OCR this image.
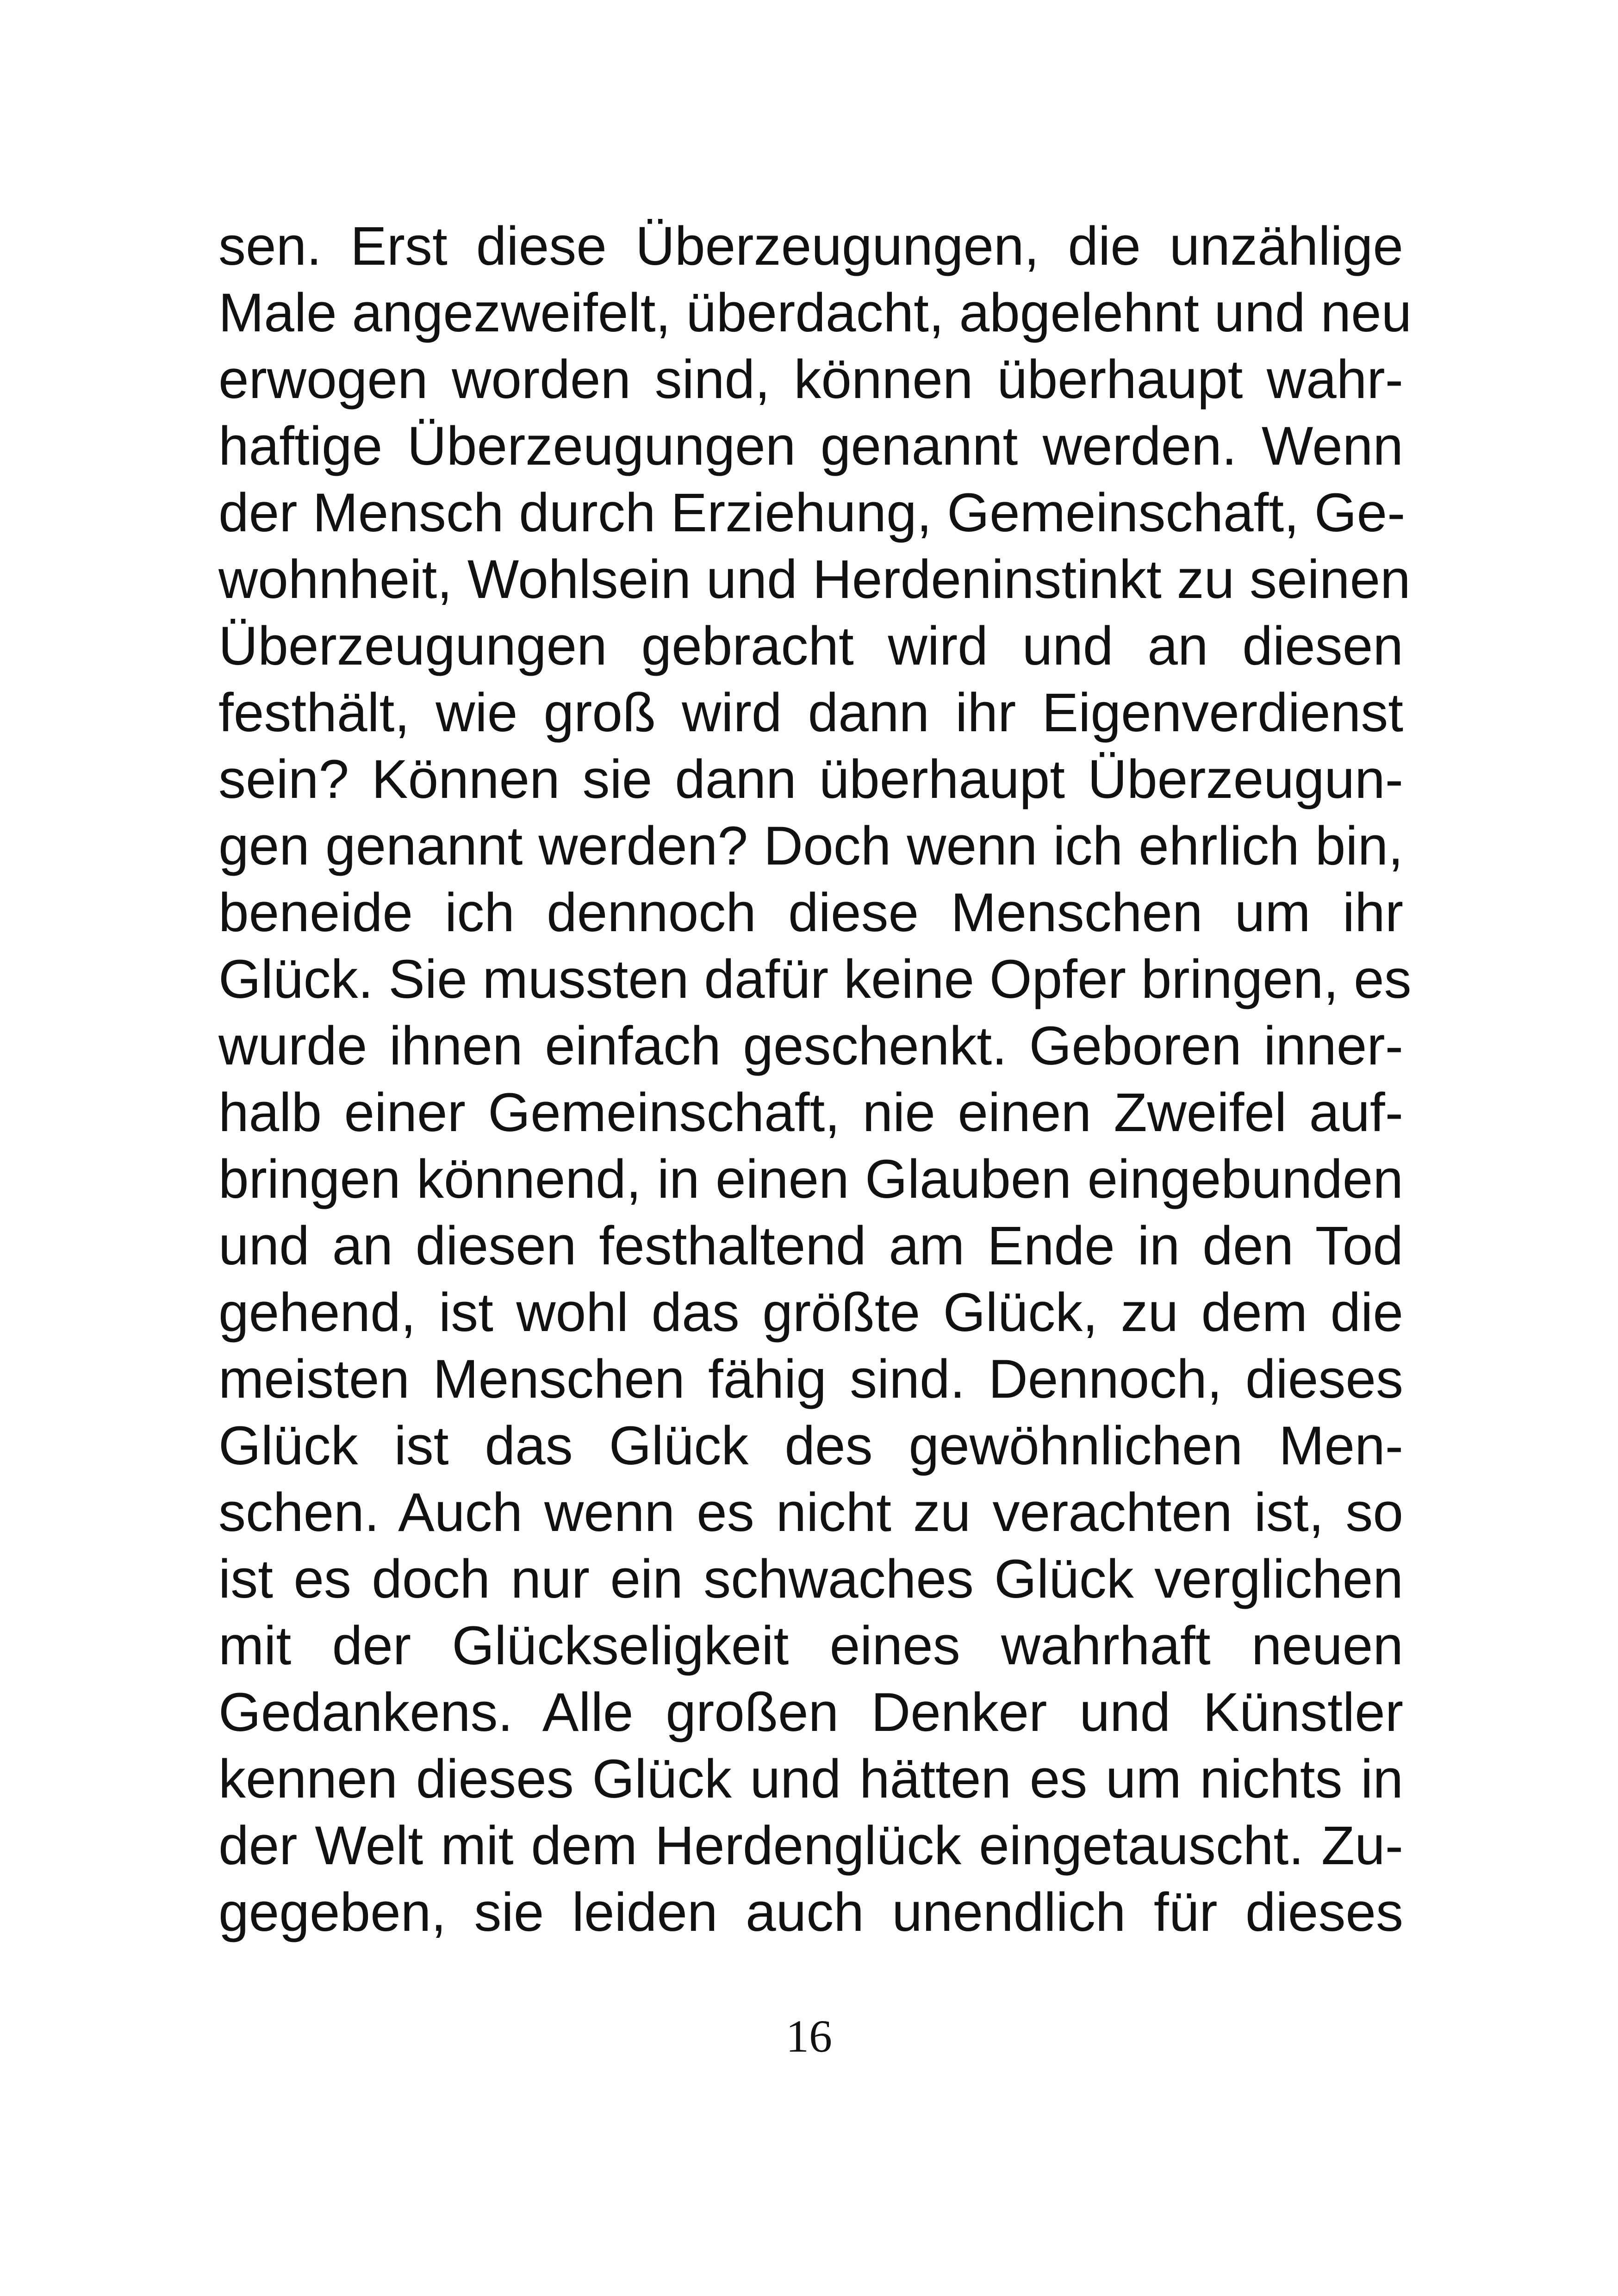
sen. Erst diese Überzeugungen, die unzählige
Male angezweifelt, überdacht, abgelehnt und neu
erwogen worden sind, können überhaupt wahr-
haftige Überzeugungen genannt werden. Wenn
der Mensch durch Erziehung, Gemeinschaft, Ge-
wohnheit, Wohlsein und Herdeninstinkt zu seinen
Überzeugungen gebracht wird und an diesen
festhält, wie groß wird dann ihr Eigenverdienst
sein? Können sie dann überhaupt Überzeugun-
gen genannt werden? Doch wenn ich ehrlich bin,
beneide ich dennoch diese Menschen um ihr
Glück. Sie mussten dafür keine Opfer bringen, es
wurde ihnen einfach geschenkt. Geboren inner-
halb einer Gemeinschaft, nie einen Zweifel auf-
bringen könnend, in einen Glauben eingebunden
und an diesen festhaltend am Ende in den Tod
gehend, ist wohl das größte Glück, zu dem die
meisten Menschen fähig sind. Dennoch, dieses
Glück ist das Glück des gewöhnlichen Men-
schen. Auch wenn es nicht zu verachten ist, so
ist es doch nur ein schwaches Glück verglichen
mit der Glückseligkeit eines wahrhaft neuen
Gedankens. Alle großen Denker und Künstler
kennen dieses Glück und hätten es um nichts in
der Welt mit dem Herdenglück eingetauscht. Zu-
gegeben, sie leiden auch unendlich für dieses
16
